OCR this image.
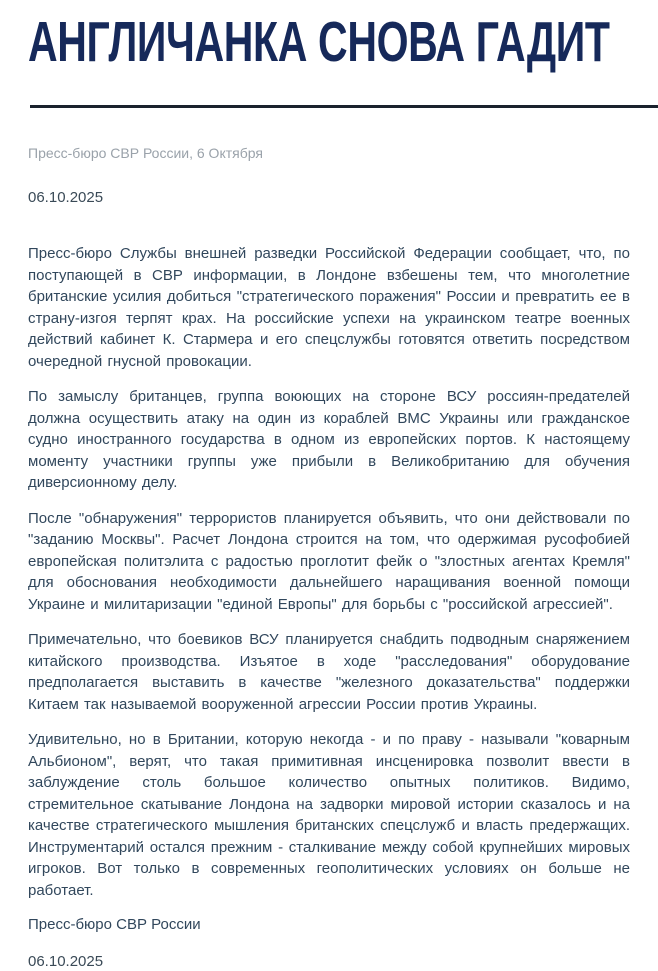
АНГЛИЧАНКА СНОВА ГАДИТ

Пресс-бюро СВР России, 6 Октября

06.10.2025

Пресс-бюро Службы внешней разведки Российской Федерации сообщает, что, по поступающей в СВР информации, в Лондоне взбешены тем, что многолетние британские усилия добиться "стратегического поражения" России и превратить ее в страну-изгоя терпят крах. На российские успехи на украинском театре военных действий кабинет К. Стармера и его спецслужбы готовятся ответить посредством очередной гнусной провокации.

По замыслу британцев, группа воюющих на стороне ВСУ россиян-предателей должна осуществить атаку на один из кораблей ВМС Украины или гражданское судно иностранного государства в одном из европейских портов. К настоящему моменту участники группы уже прибыли в Великобританию для обучения диверсионному делу.

После "обнаружения" террористов планируется объявить, что они действовали по "заданию Москвы". Расчет Лондона строится на том, что одержимая русофобией европейская политэлита с радостью проглотит фейк о "злостных агентах Кремля" для обоснования необходимости дальнейшего наращивания военной помощи Украине и милитаризации "единой Европы" для борьбы с "российской агрессией".

Примечательно, что боевиков ВСУ планируется снабдить подводным снаряжением китайского производства. Изъятое в ходе "расследования" оборудование предполагается выставить в качестве "железного доказательства" поддержки Китаем так называемой вооруженной агрессии России против Украины.

Удивительно, но в Британии, которую некогда - и по праву - называли "коварным Альбионом", верят, что такая примитивная инсценировка позволит ввести в заблуждение столь большое количество опытных политиков. Видимо, стремительное скатывание Лондона на задворки мировой истории сказалось и на качестве стратегического мышления британских спецслужб и власть предержащих. Инструментарий остался прежним - сталкивание между собой крупнейших мировых игроков. Вот только в современных геополитических условиях он больше не работает.

Пресс-бюро СВР России

06.10.2025
